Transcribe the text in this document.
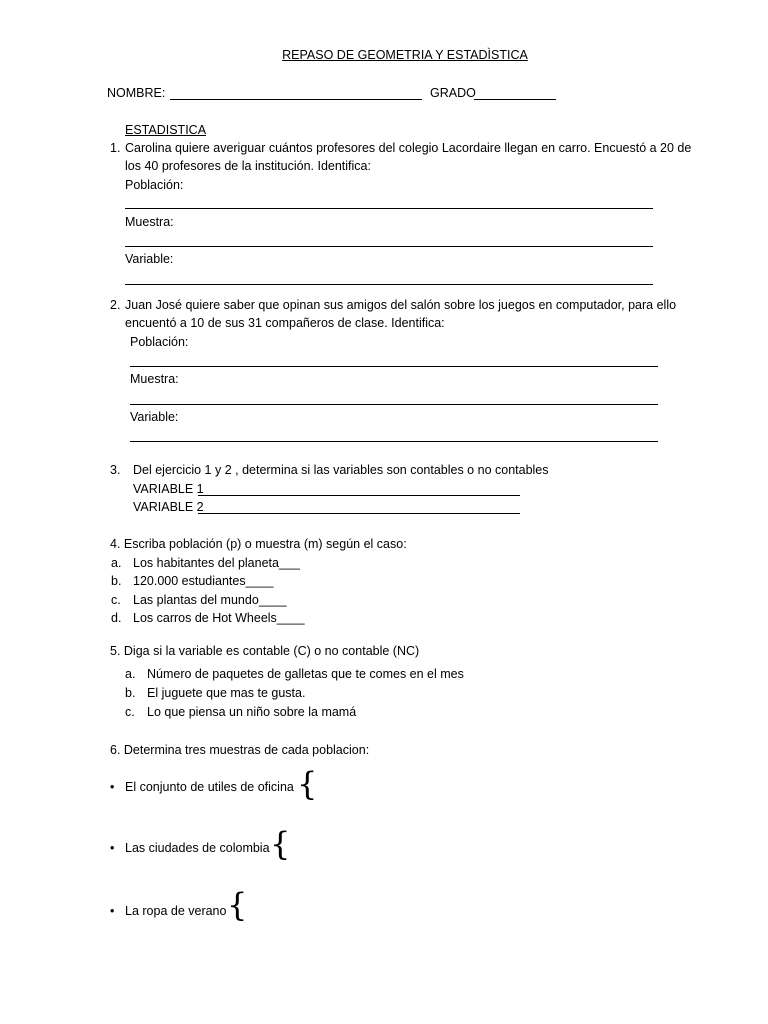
REPASO DE GEOMETRIA Y ESTADÌSTICA
NOMBRE:	GRADO
ESTADISTICA
1. Carolina quiere averiguar cuántos profesores del colegio Lacordaire llegan en carro. Encuestó a 20 de
los 40 profesores de la institución. Identifica:
Población:
Muestra:
Variable:
2. Juan José quiere saber que opinan sus amigos del salón sobre los juegos en computador, para ello
encuentó a 10 de sus 31 compañeros de clase. Identifica:
Población:
Muestra:
Variable:
3. Del ejercicio 1 y 2 , determina si las variables son contables o no contables
VARIABLE 1
VARIABLE 2
4. Escriba población (p) o muestra (m) según el caso:
a. Los habitantes del planeta___
b. 120.000 estudiantes____
c. Las plantas del mundo____
d. Los carros de Hot Wheels____
5. Diga si la variable es contable (C) o no contable (NC)
a. Número de paquetes de galletas que te comes en el mes
b. El juguete que mas te gusta.
c. Lo que piensa un niño sobre la mamá
6. Determina tres muestras de cada poblacion:
• El conjunto de utiles de oficina {
• Las ciudades de colombia {
• La ropa de verano {
